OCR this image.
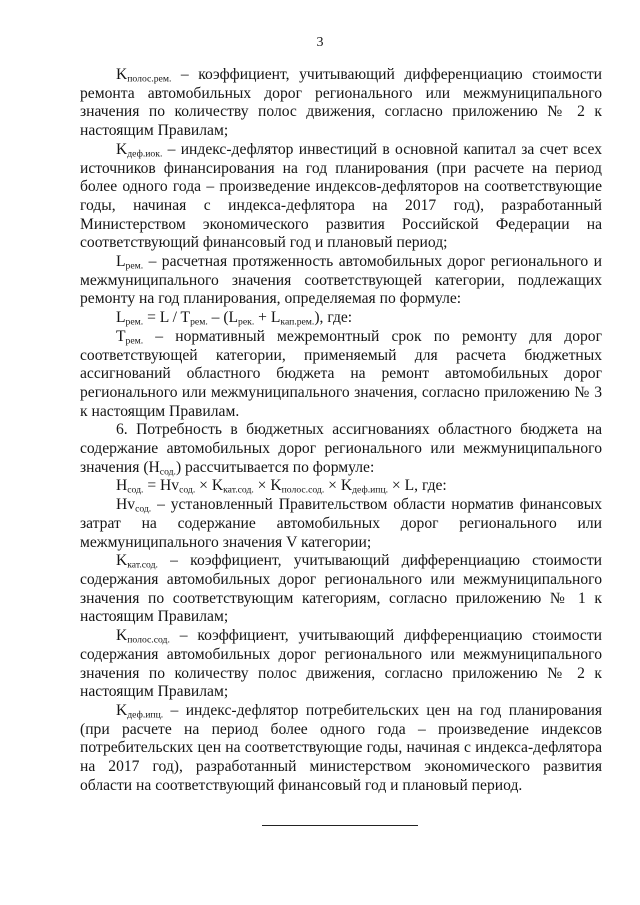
3

$K_{полос.рем.}$ – коэффициент, учитывающий дифференциацию стоимости ремонта автомобильных дорог регионального или межмуниципального значения по количеству полос движения, согласно приложению № 2 к настоящим Правилам;

$K_{деф.иок.}$ – индекс-дефлятор инвестиций в основной капитал за счет всех источников финансирования на год планирования (при расчете на период более одного года – произведение индексов-дефляторов на соответствующие годы, начиная с индекса-дефлятора на 2017 год), разработанный Министерством экономического развития Российской Федерации на соответствующий финансовый год и плановый период;

$L_{рем.}$ – расчетная протяженность автомобильных дорог регионального и межмуниципального значения соответствующей категории, подлежащих ремонту на год планирования, определяемая по формуле:

$L_{рем.} = L / T_{рем.} - (L_{рек.} + L_{кап.рем.})$, где:

$T_{рем.}$ – нормативный межремонтный срок по ремонту для дорог соответствующей категории, применяемый для расчета бюджетных ассигнований областного бюджета на ремонт автомобильных дорог регионального или межмуниципального значения, согласно приложению № 3 к настоящим Правилам.

6. Потребность в бюджетных ассигнованиях областного бюджета на содержание автомобильных дорог регионального или межмуниципального значения $(H_{сод.})$ рассчитывается по формуле:

$H_{сод.} = Hv_{сод.} \times K_{кат.сод.} \times K_{полос.сод.} \times K_{деф.ипц.} \times L$, где:

$Hv_{сод.}$ – установленный Правительством области норматив финансовых затрат на содержание автомобильных дорог регионального или межмуниципального значения V категории;

$K_{кат.сод.}$ – коэффициент, учитывающий дифференциацию стоимости содержания автомобильных дорог регионального или межмуниципального значения по соответствующим категориям, согласно приложению № 1 к настоящим Правилам;

$K_{полос.сод.}$ – коэффициент, учитывающий дифференциацию стоимости содержания автомобильных дорог регионального или межмуниципального значения по количеству полос движения, согласно приложению № 2 к настоящим Правилам;

$K_{деф.ипц.}$ – индекс-дефлятор потребительских цен на год планирования (при расчете на период более одного года – произведение индексов потребительских цен на соответствующие годы, начиная с индекса-дефлятора на 2017 год), разработанный министерством экономического развития области на соответствующий финансовый год и плановый период.
